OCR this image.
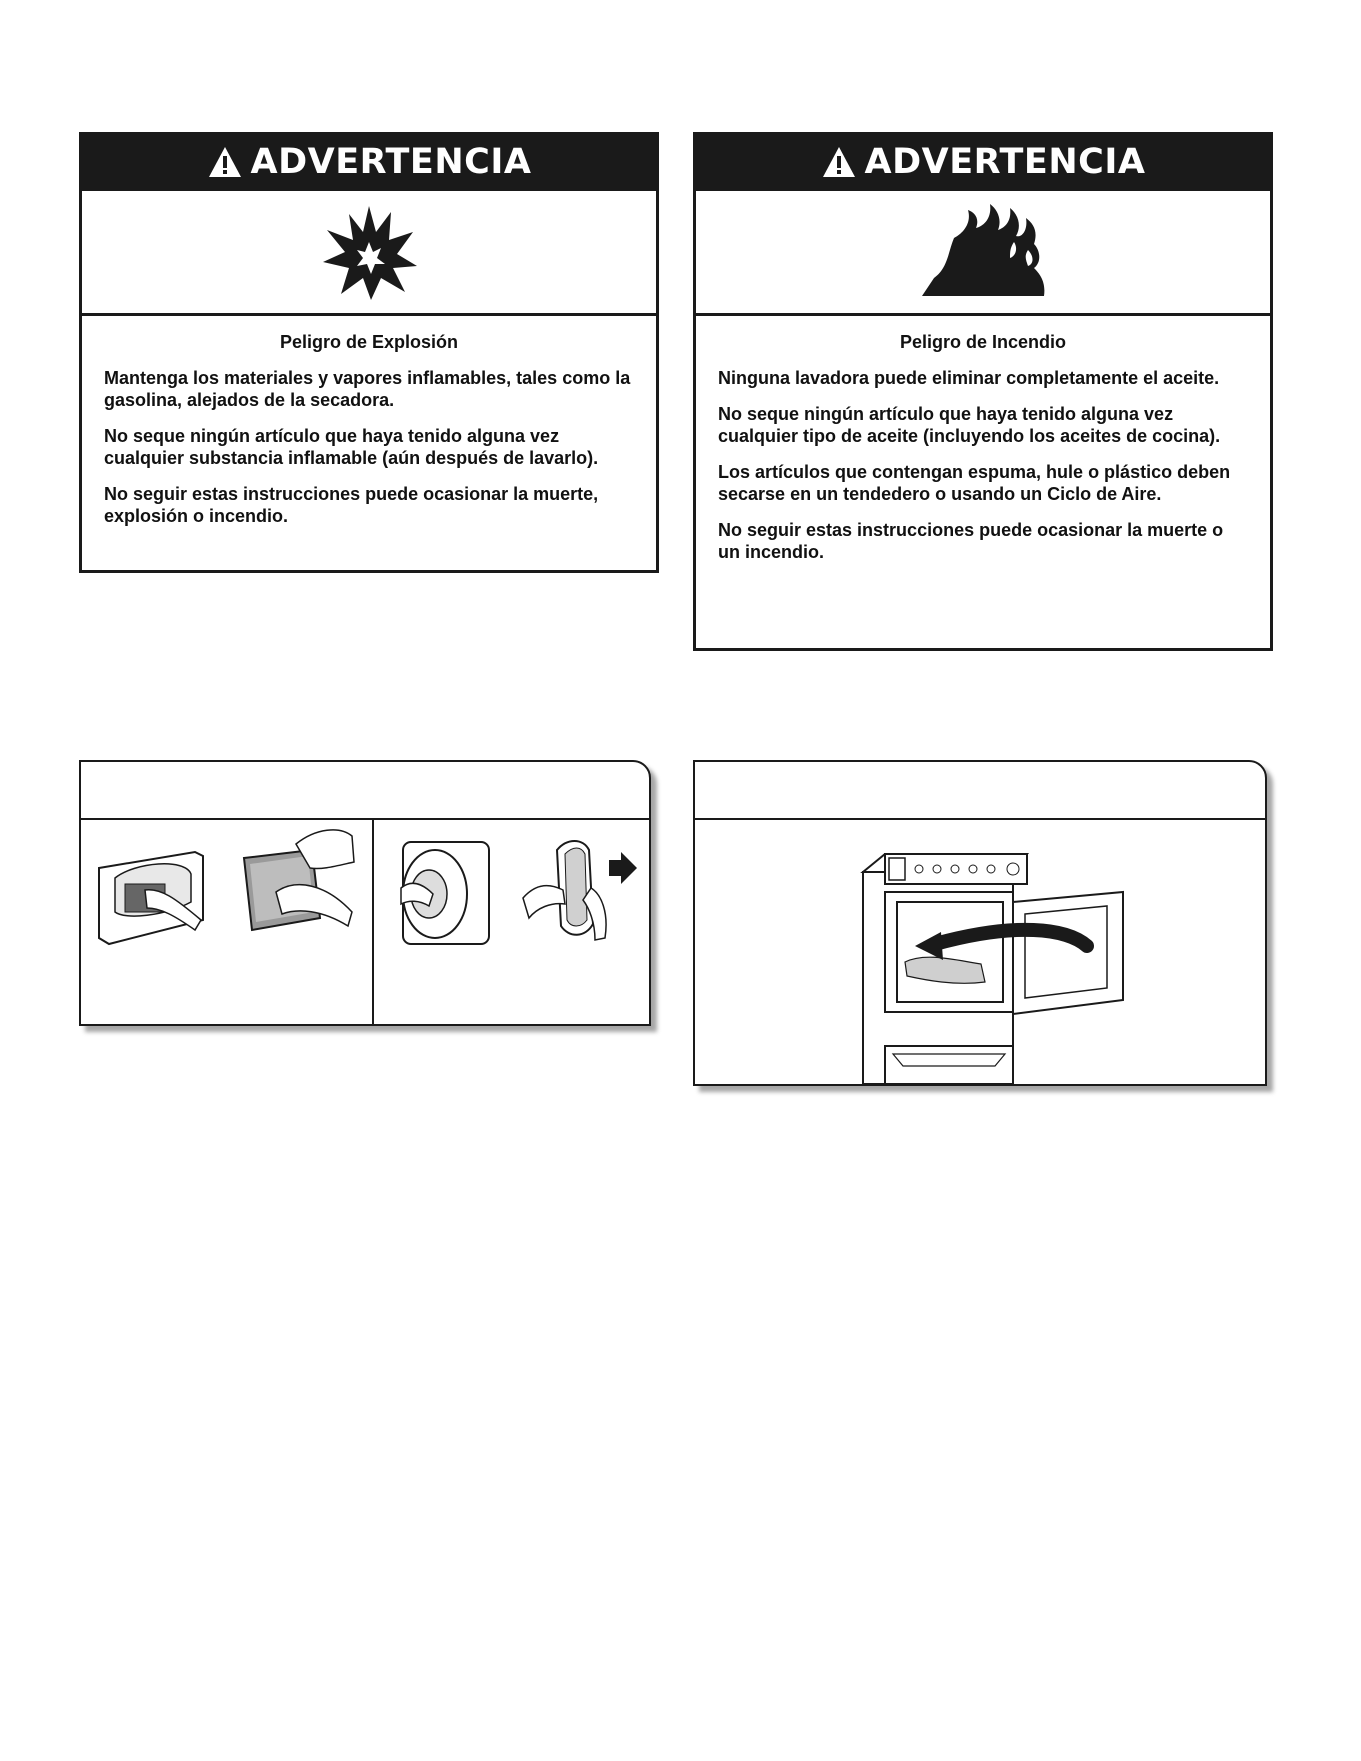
ADVERTENCIA
Peligro de Explosión

Mantenga los materiales y vapores inflamables, tales como la gasolina, alejados de la secadora.

No seque ningún artículo que haya tenido alguna vez cualquier substancia inflamable (aún después de lavarlo).

No seguir estas instrucciones puede ocasionar la muerte, explosión o incendio.

ADVERTENCIA
Peligro de Incendio

Ninguna lavadora puede eliminar completamente el aceite.

No seque ningún artículo que haya tenido alguna vez cualquier tipo de aceite (incluyendo los aceites de cocina).

Los artículos que contengan espuma, hule o plástico deben secarse en un tendedero o usando un Ciclo de Aire.

No seguir estas instrucciones puede ocasionar la muerte o un incendio.
